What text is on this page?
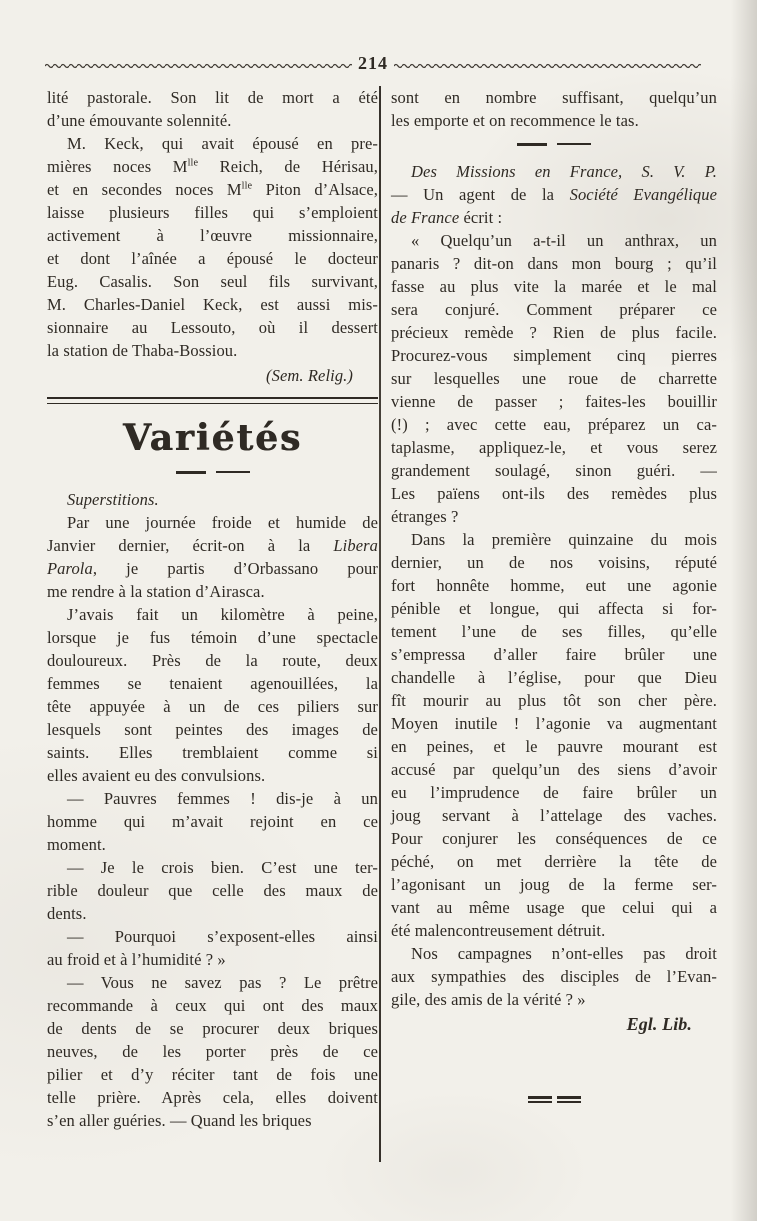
214
lité pastorale. Son lit de mort a été
d’une émouvante solennité.
M. Keck, qui avait épousé en pre-
mières noces $M^{lle}$ Reich, de Hérisau,
et en secondes noces $M^{lle}$ Piton d’Alsace,
laisse plusieurs filles qui s’emploient
activement à l’œuvre missionnaire,
et dont l’aînée a épousé le docteur
Eug. Casalis. Son seul fils survivant,
M. Charles-Daniel Keck, est aussi mis-
sionnaire au Lessouto, où il dessert
la station de Thaba-Bossiou.
(Sem. Relig.)
Variétés
Superstitions.
Par une journée froide et humide de
Janvier dernier, écrit-on à la Libera
Parola, je partis d’Orbassano pour
me rendre à la station d’Airasca.
J’avais fait un kilomètre à peine,
lorsque je fus témoin d’une spectacle
douloureux. Près de la route, deux
femmes se tenaient agenouillées, la
tête appuyée à un de ces piliers sur
lesquels sont peintes des images de
saints. Elles tremblaient comme si
elles avaient eu des convulsions.
— Pauvres femmes ! dis-je à un
homme qui m’avait rejoint en ce
moment.
— Je le crois bien. C’est une ter-
rible douleur que celle des maux de
dents.
— Pourquoi s’exposent-elles ainsi
au froid et à l’humidité ? »
— Vous ne savez pas ? Le prêtre
recommande à ceux qui ont des maux
de dents de se procurer deux briques
neuves, de les porter près de ce
pilier et d’y réciter tant de fois une
telle prière. Après cela, elles doivent
s’en aller guéries. — Quand les briques
sont en nombre suffisant, quelqu’un
les emporte et on recommence le tas.
Des Missions en France, S. V. P.
— Un agent de la Société Evangélique
de France écrit :
« Quelqu’un a-t-il un anthrax, un
panaris ? dit-on dans mon bourg ; qu’il
fasse au plus vite la marée et le mal
sera conjuré. Comment préparer ce
précieux remède ? Rien de plus facile.
Procurez-vous simplement cinq pierres
sur lesquelles une roue de charrette
vienne de passer ; faites-les bouillir
(!) ; avec cette eau, préparez un ca-
taplasme, appliquez-le, et vous serez
grandement soulagé, sinon guéri. —
Les païens ont-ils des remèdes plus
étranges ?
Dans la première quinzaine du mois
dernier, un de nos voisins, réputé
fort honnête homme, eut une agonie
pénible et longue, qui affecta si for-
tement l’une de ses filles, qu’elle
s’empressa d’aller faire brûler une
chandelle à l’église, pour que Dieu
fît mourir au plus tôt son cher père.
Moyen inutile ! l’agonie va augmentant
en peines, et le pauvre mourant est
accusé par quelqu’un des siens d’avoir
eu l’imprudence de faire brûler un
joug servant à l’attelage des vaches.
Pour conjurer les conséquences de ce
péché, on met derrière la tête de
l’agonisant un joug de la ferme ser-
vant au même usage que celui qui a
été malencontreusement détruit.
Nos campagnes n’ont-elles pas droit
aux sympathies des disciples de l’Evan-
gile, des amis de la vérité ? »
Egl. Lib.
